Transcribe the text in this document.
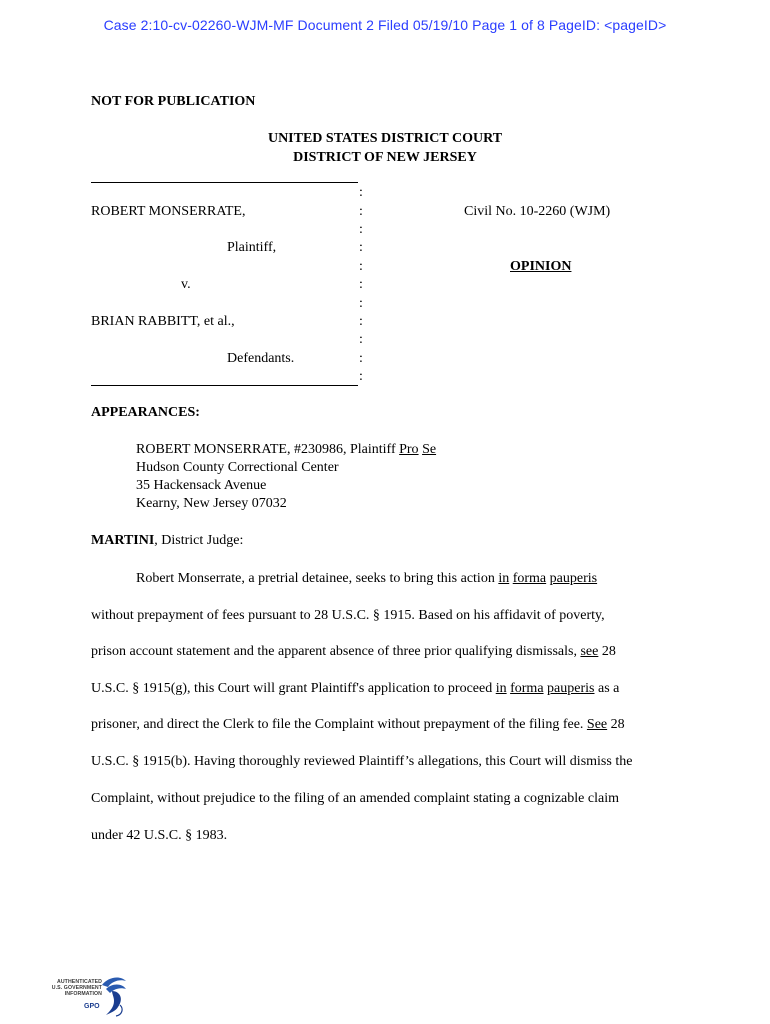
Case 2:10-cv-02260-WJM-MF Document 2 Filed 05/19/10 Page 1 of 8 PageID: <pageID>
NOT FOR PUBLICATION
UNITED STATES DISTRICT COURT
DISTRICT OF NEW JERSEY
:
:
:
:
:
:
:
:
:
:
:
ROBERT MONSERRATE,
Plaintiff,
v.
BRIAN RABBITT, et al.,
Defendants.
Civil No. 10-2260 (WJM)
OPINION
APPEARANCES:
ROBERT MONSERRATE, #230986, Plaintiff Pro Se
Hudson County Correctional Center
35 Hackensack Avenue
Kearny, New Jersey 07032
MARTINI, District Judge:
Robert Monserrate, a pretrial detainee, seeks to bring this action in forma pauperis
without prepayment of fees pursuant to 28 U.S.C. § 1915. Based on his affidavit of poverty,
prison account statement and the apparent absence of three prior qualifying dismissals, see 28
U.S.C. § 1915(g), this Court will grant Plaintiff's application to proceed in forma pauperis as a
prisoner, and direct the Clerk to file the Complaint without prepayment of the filing fee. See 28
U.S.C. § 1915(b). Having thoroughly reviewed Plaintiff’s allegations, this Court will dismiss the
Complaint, without prejudice to the filing of an amended complaint stating a cognizable claim
under 42 U.S.C. § 1983.
AUTHENTICATED
U.S. GOVERNMENT
INFORMATION
GPO
